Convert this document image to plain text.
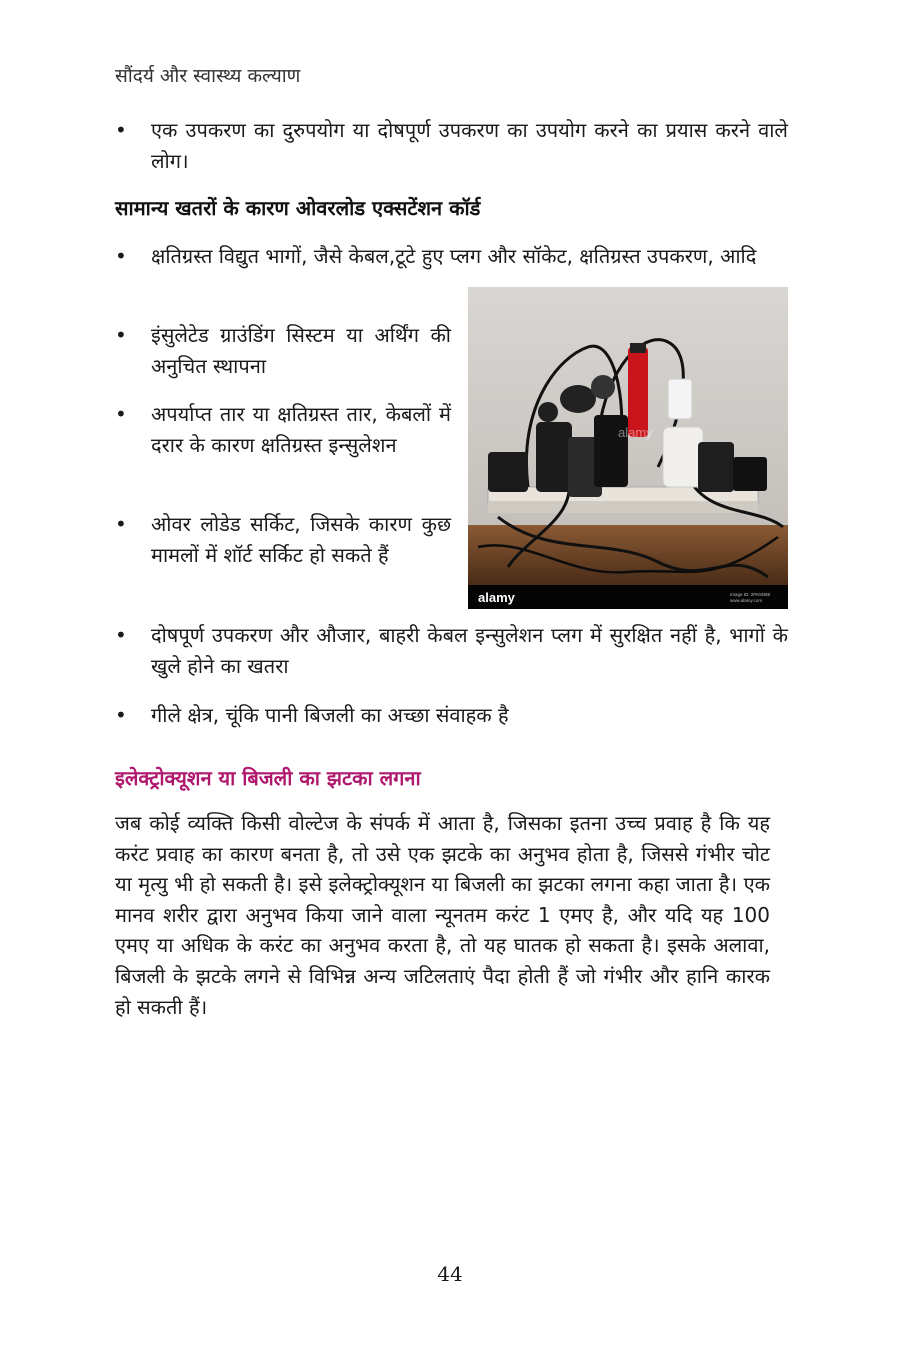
सौंदर्य और स्वास्थ्य कल्याण
• एक उपकरण का दुरुपयोग या दोषपूर्ण उपकरण का उपयोग करने का प्रयास करने वाले लोग।
सामान्य खतरों के कारण ओवरलोड एक्सटेंशन कॉर्ड
• क्षतिग्रस्त विद्युत भागों, जैसे केबल,टूटे हुए प्लग और सॉकेट, क्षतिग्रस्त उपकरण, आदि
• इंसुलेटेड ग्राउंडिंग सिस्टम या अर्थिंग की अनुचित स्थापना
• अपर्याप्त तार या क्षतिग्रस्त तार, केबलों में दरार के कारण क्षतिग्रस्त इन्सुलेशन
• ओवर लोडेड सर्किट, जिसके कारण कुछ मामलों में शॉर्ट सर्किट हो सकते हैं
• दोषपूर्ण उपकरण और औजार, बाहरी केबल इन्सुलेशन प्लग में सुरक्षित नहीं है, भागों के खुले होने का खतरा
• गीले क्षेत्र, चूंकि पानी बिजली का अच्छा संवाहक है
alamy	Image ID: 2PK5N9E
www.alamy.com
alamy
इलेक्ट्रोक्यूशन या बिजली का झटका लगना
जब कोई व्यक्ति किसी वोल्टेज के संपर्क में आता है, जिसका इतना उच्च प्रवाह है कि यह करंट प्रवाह का कारण बनता है, तो उसे एक झटके का अनुभव होता है, जिससे गंभीर चोट या मृत्यु भी हो सकती है। इसे इलेक्ट्रोक्यूशन या बिजली का झटका लगना कहा जाता है। एक मानव शरीर द्वारा अनुभव किया जाने वाला न्यूनतम करंट 1 एमए है, और यदि यह 100 एमए या अधिक के करंट का अनुभव करता है, तो यह घातक हो सकता है। इसके अलावा, बिजली के झटके लगने से विभिन्न अन्य जटिलताएं पैदा होती हैं जो गंभीर और हानि कारक हो सकती हैं।
44
